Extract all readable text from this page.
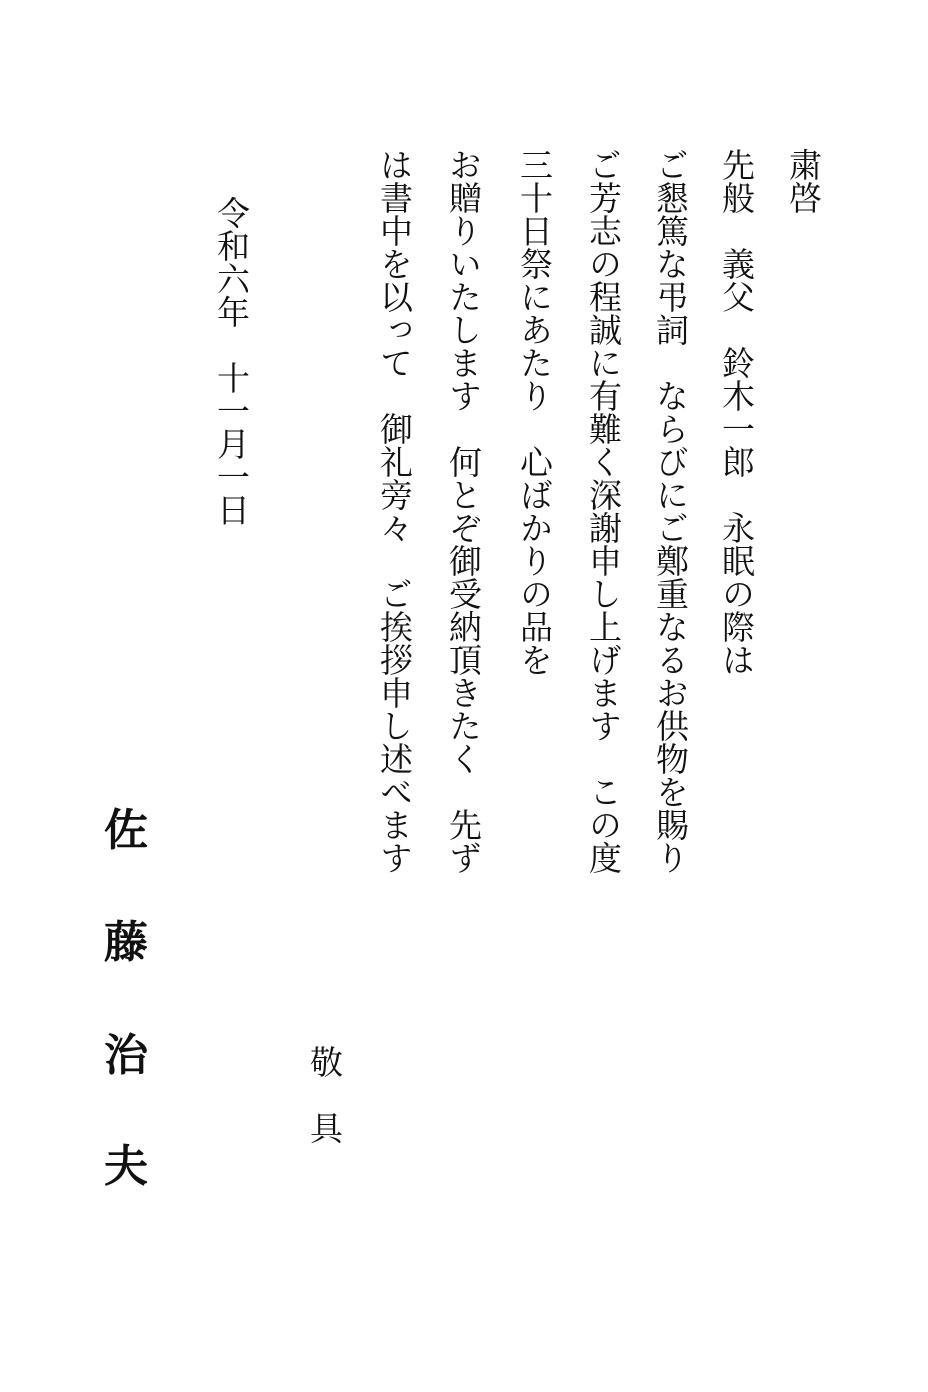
粛啓
先般　義父　鈴木一郎　永眠の際は
ご懇篤な弔詞　ならびにご鄭重なるお供物を賜り
ご芳志の程誠に有難く深謝申し上げます　この度
三十日祭にあたり　心ばかりの品を
お贈りいたします　何とぞ御受納頂きたく　先ず
は書中を以って　御礼旁々　ご挨拶申し述べます
敬　具
令和六年　十一月一日
佐
藤
治
夫
